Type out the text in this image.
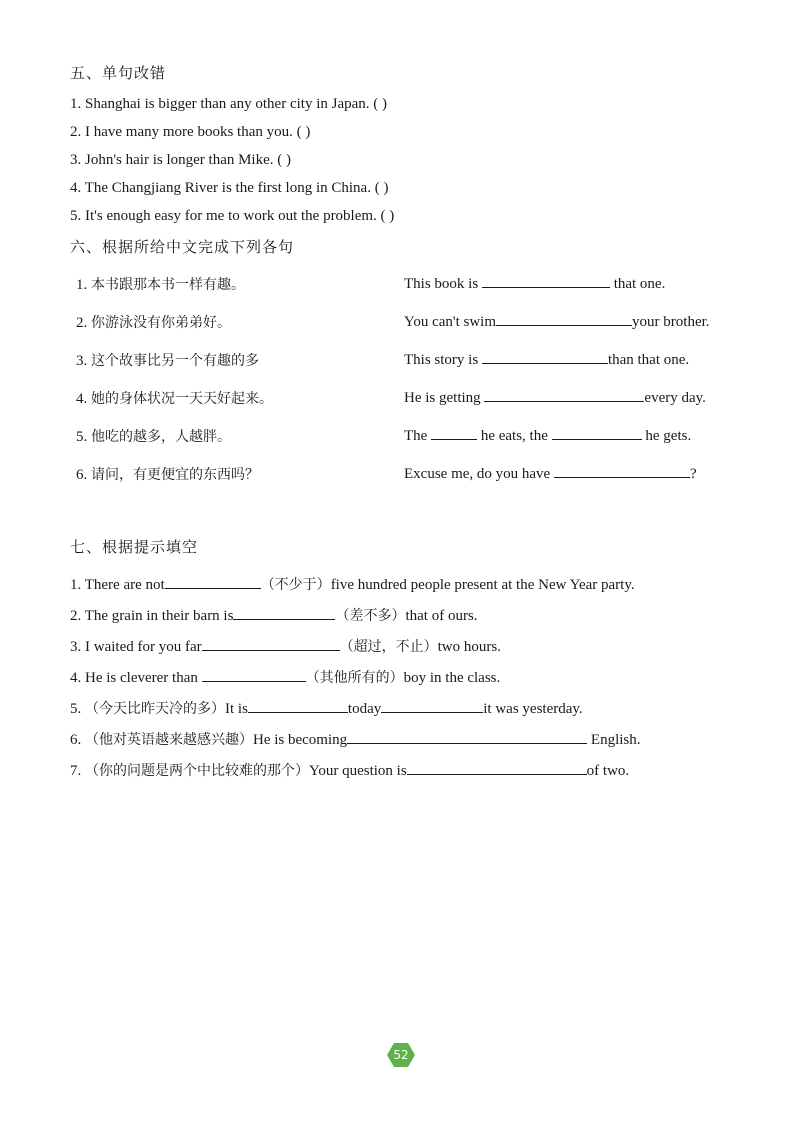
五、单句改错
1. Shanghai is bigger than any other city in Japan. ( )
2. I have many more books than you. ( )
3. John's hair is longer than Mike. ( )
4. The Changjiang River is the first long in China. ( )
5. It's enough easy for me to work out the problem. ( )
六、根据所给中文完成下列各句
1. 本书跟那本书一样有趣。	This book is	that one.
2. 你游泳没有你弟弟好。	You can't swim	your brother.
3. 这个故事比另一个有趣的多	This story is	than that one.
4. 她的身体状况一天天好起来。	He is getting	every day.
5. 他吃的越多，人越胖。	The	he eats, the	he gets.
6. 请问，有更便宜的东西吗？	Excuse me, do you have	?
七、根据提示填空
1. There are not	（不少于）five hundred people present at the New Year party.
2. The grain in their barn is	（差不多）that of ours.
3. I waited for you far	（超过，不止）two hours.
4. He is cleverer than	（其他所有的）boy in the class.
5. （今天比昨天冷的多）It is	today	it was yesterday.
6. （他对英语越来越感兴趣）He is becoming	English.
7. （你的问题是两个中比较难的那个）Your question is	of two.
52
